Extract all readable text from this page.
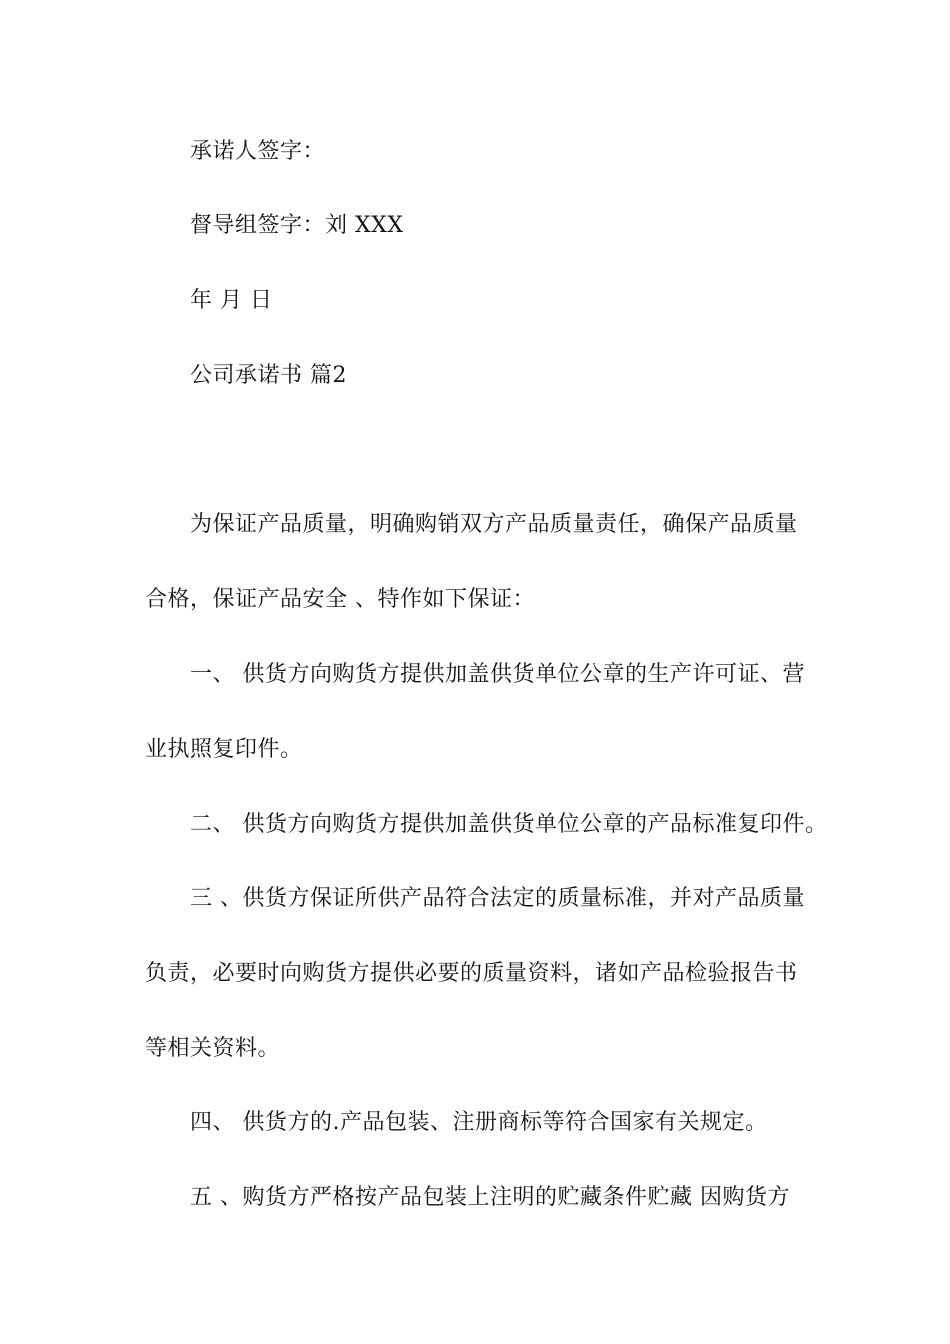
承诺人签字：
督导组签字：刘 XXX
年 月 日
公司承诺书 篇2
为保证产品质量，明确购销双方产品质量责任，确保产品质量
合格，保证产品安全 、特作如下保证：
一、 供货方向购货方提供加盖供货单位公章的生产许可证、营
业执照复印件。
二、 供货方向购货方提供加盖供货单位公章的产品标准复印件。
三 、供货方保证所供产品符合法定的质量标准，并对产品质量
负责，必要时向购货方提供必要的质量资料，诸如产品检验报告书
等相关资料。
四、 供货方的.产品包装、注册商标等符合国家有关规定。
五 、购货方严格按产品包装上注明的贮藏条件贮藏 因购货方
